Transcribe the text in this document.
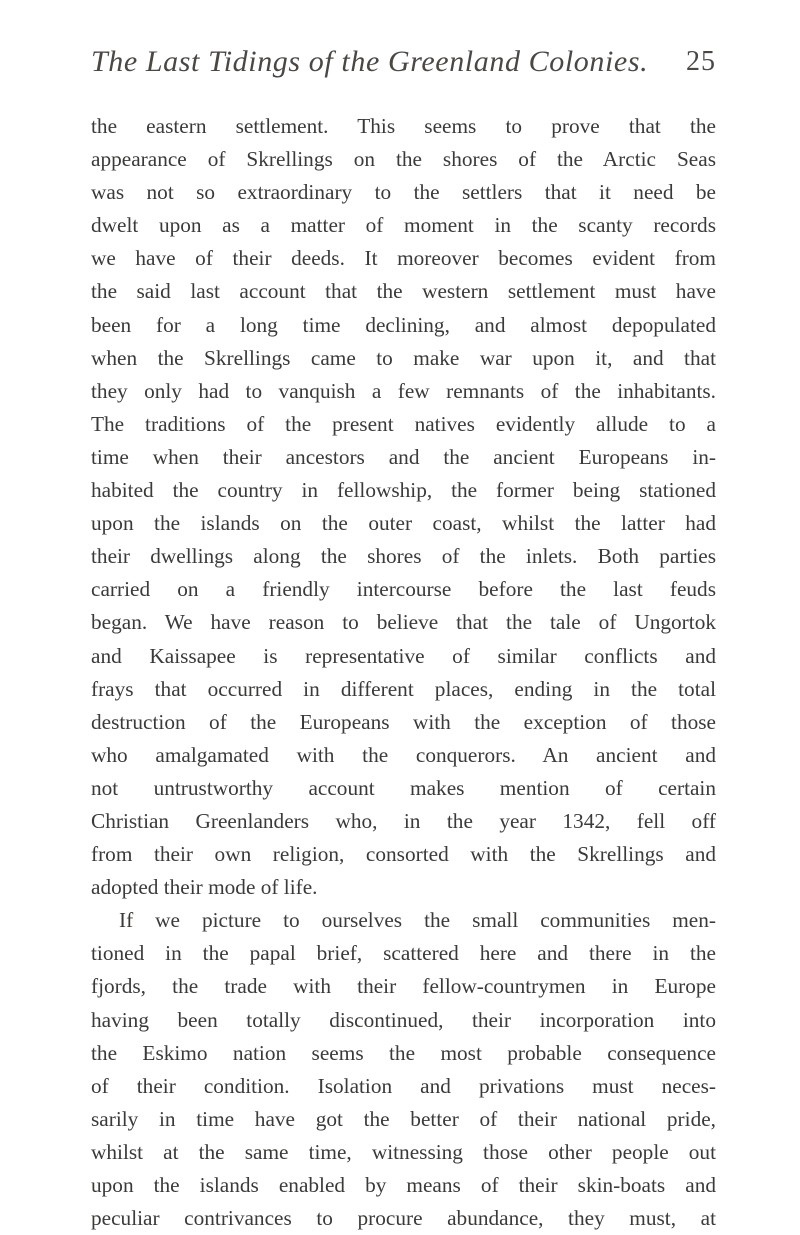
The Last Tidings of the Greenland Colonies. 25
the eastern settlement. This seems to prove that the
appearance of Skrellings on the shores of the Arctic Seas
was not so extraordinary to the settlers that it need be
dwelt upon as a matter of moment in the scanty records
we have of their deeds. It moreover becomes evident from
the said last account that the western settlement must have
been for a long time declining, and almost depopulated
when the Skrellings came to make war upon it, and that
they only had to vanquish a few remnants of the inhabitants.
The traditions of the present natives evidently allude to a
time when their ancestors and the ancient Europeans in-
habited the country in fellowship, the former being stationed
upon the islands on the outer coast, whilst the latter had
their dwellings along the shores of the inlets. Both parties
carried on a friendly intercourse before the last feuds
began. We have reason to believe that the tale of Ungortok
and Kaissapee is representative of similar conflicts and
frays that occurred in different places, ending in the total
destruction of the Europeans with the exception of those
who amalgamated with the conquerors. An ancient and
not untrustworthy account makes mention of certain
Christian Greenlanders who, in the year 1342, fell off
from their own religion, consorted with the Skrellings and
adopted their mode of life.
If we picture to ourselves the small communities men-
tioned in the papal brief, scattered here and there in the
fjords, the trade with their fellow-countrymen in Europe
having been totally discontinued, their incorporation into
the Eskimo nation seems the most probable consequence
of their condition. Isolation and privations must neces-
sarily in time have got the better of their national pride,
whilst at the same time, witnessing those other people out
upon the islands enabled by means of their skin-boats and
peculiar contrivances to procure abundance, they must, at
